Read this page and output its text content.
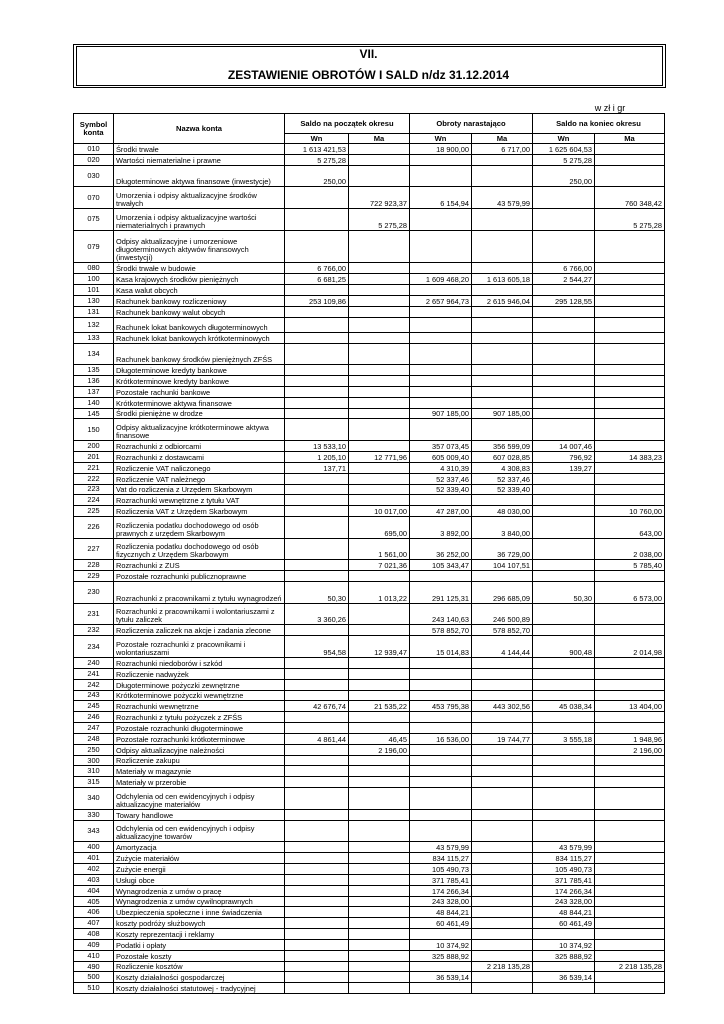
VII.
ZESTAWIENIE OBROTÓW I SALD n/dz 31.12.2014
w zł i gr
Symbol konta	Nazwa konta	Saldo na początek okresu		Obroty narastająco		Saldo na koniec okresu	
		Wn	Ma	Wn	Ma	Wn	Ma
010	Środki trwałe	1 613 421,53		18 900,00	6 717,00	1 625 604,53	
020	Wartości niematerialne i prawne	5 275,28				5 275,28	
030	Długoterminowe aktywa finansowe (inwestycje)	250,00				250,00	
070	Umorzenia i odpisy aktualizacyjne środków trwałych		722 923,37	6 154,94	43 579,99		760 348,42
075	Umorzenia i odpisy aktualizacyjne wartości niematerialnych i prawnych		5 275,28				5 275,28
079	Odpisy aktualizacyjne i umorzeniowe długoterminowych aktywów finansowych (inwestycji)						
080	Środki trwałe w budowie	6 766,00				6 766,00	
100	Kasa krajowych środków pieniężnych	6 681,25		1 609 468,20	1 613 605,18	2 544,27	
101	Kasa walut obcych						
130	Rachunek bankowy rozliczeniowy	253 109,86		2 657 964,73	2 615 946,04	295 128,55	
131	Rachunek bankowy walut obcych						
132	Rachunek lokat bankowych długoterminowych						
133	Rachunek lokat bankowych krótkoterminowych						
134	Rachunek bankowy środków pieniężnych ZFŚS						
135	Długoterminowe kredyty bankowe						
136	Krótkoterminowe kredyty bankowe						
137	Pozostałe rachunki bankowe						
140	Krótkoterminowe aktywa finansowe						
145	Środki pieniężne w drodze			907 185,00	907 185,00		
150	Odpisy aktualizacyjne krótkoterminowe aktywa finansowe						
200	Rozrachunki z odbiorcami	13 533,10		357 073,45	356 599,09	14 007,46	
201	Rozrachunki z dostawcami	1 205,10	12 771,96	605 009,40	607 028,85	796,92	14 383,23
221	Rozliczenie VAT naliczonego	137,71		4 310,39	4 308,83	139,27	
222	Rozliczenie VAT należnego			52 337,46	52 337,46		
223	Vat do rozliczenia z Urzędem Skarbowym			52 339,40	52 339,40		
224	Rozrachunki wewnętrzne z tytułu VAT						
225	Rozliczenia VAT z Urzędem Skarbowym		10 017,00	47 287,00	48 030,00		10 760,00
226	Rozliczenia podatku dochodowego od osób prawnych z urzędem Skarbowym		695,00	3 892,00	3 840,00		643,00
227	Rozliczenia podatku dochodowego od osób fizycznych z Urzędem Skarbowym		1 561,00	36 252,00	36 729,00		2 038,00
228	Rozrachunki z ZUS		7 021,36	105 343,47	104 107,51		5 785,40
229	Pozostałe rozrachunki publicznoprawne						
230	Rozrachunki z pracownikami z tytułu wynagrodzeń	50,30	1 013,22	291 125,31	296 685,09	50,30	6 573,00
231	Rozrachunki z pracownikami i wolontariuszami z tytułu zaliczek	3 360,26		243 140,63	246 500,89		
232	Rozliczenia zaliczek na akcje i zadania zlecone			578 852,70	578 852,70		
234	Pozostałe rozrachunki z pracownikami i wolontariuszami	954,58	12 939,47	15 014,83	4 144,44	900,48	2 014,98
240	Rozrachunki niedoborów i szkód						
241	Rozliczenie nadwyżek						
242	Długoterminowe pożyczki zewnętrzne						
243	Krótkoterminowe pożyczki wewnętrzne						
245	Rozrachunki wewnętrzne	42 676,74	21 535,22	453 795,38	443 302,56	45 038,34	13 404,00
246	Rozrachunki z tytułu pożyczek z ZFŚS						
247	Pozostałe rozrachunki długoterminowe						
248	Pozostałe rozrachunki krótkoterminowe	4 861,44	46,45	16 536,00	19 744,77	3 555,18	1 948,96
250	Odpisy aktualizacyjne należności		2 196,00				2 196,00
300	Rozliczenie zakupu						
310	Materiały w magazynie						
315	Materiały w przerobie						
340	Odchylenia od cen ewidencyjnych i odpisy aktualizacyjne materiałów						
330	Towary handlowe						
343	Odchylenia od cen ewidencyjnych i odpisy aktualizacyjne towarów						
400	Amortyzacja			43 579,99		43 579,99	
401	Zużycie materiałów			834 115,27		834 115,27	
402	Zużycie energii			105 490,73		105 490,73	
403	Usługi obce			371 785,41		371 785,41	
404	Wynagrodzenia z umów o pracę			174 266,34		174 266,34	
405	Wynagrodzenia z umów cywilnoprawnych			243 328,00		243 328,00	
406	Ubezpieczenia społeczne i inne świadczenia			48 844,21		48 844,21	
407	koszty podróży służbowych			60 461,49		60 461,49	
408	Koszty reprezentacji i reklamy						
409	Podatki i opłaty			10 374,92		10 374,92	
410	Pozostałe koszty			325 888,92		325 888,92	
490	Rozliczenie kosztów				2 218 135,28		2 218 135,28
500	Koszty działalności gospodarczej			36 539,14		36 539,14	
510	Koszty działalności statutowej - tradycyjnej						
